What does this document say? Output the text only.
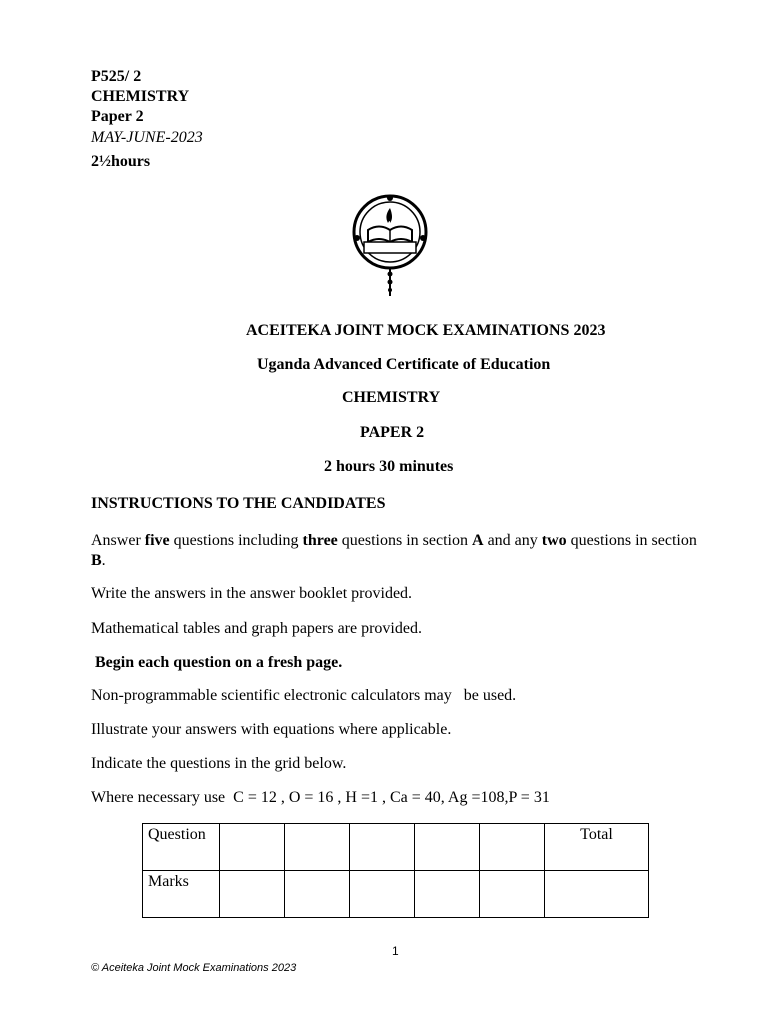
P525/ 2
CHEMISTRY
Paper 2
MAY-JUNE-2023
2½hours
ACEITEKA JOINT MOCK EXAMINATIONS 2023
Uganda Advanced Certificate of Education
CHEMISTRY
PAPER 2
2 hours 30 minutes
INSTRUCTIONS TO THE CANDIDATES
Answer five questions including three questions in section A and any two questions in section B.
Write the answers in the answer booklet provided.
Mathematical tables and graph papers are provided.
Begin each question on a fresh page.
Non-programmable scientific electronic calculators may   be used.
Illustrate your answers with equations where applicable.
Indicate the questions in the grid below.
Where necessary use  C = 12 , O = 16 , H =1 , Ca = 40, Ag =108,P = 31
Question						Total
Marks						
1
© Aceiteka Joint Mock Examinations 2023
